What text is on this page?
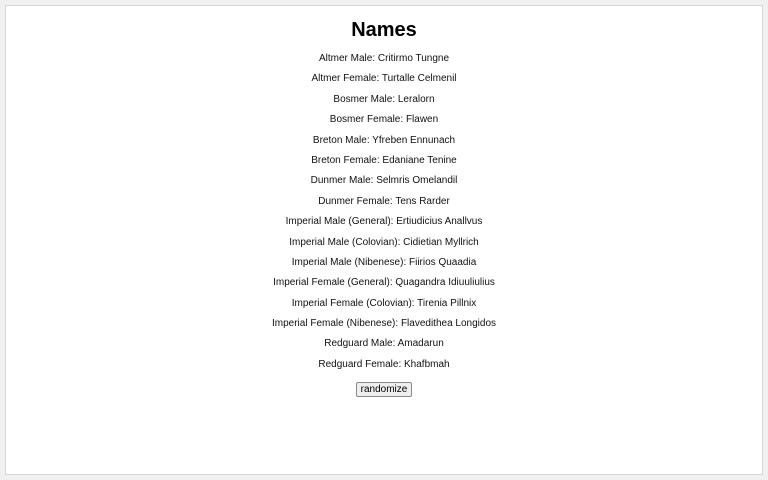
Names
Altmer Male: Critirmo Tungne
Altmer Female: Turtalle Celmenil
Bosmer Male: Leralorn
Bosmer Female: Flawen
Breton Male: Yfreben Ennunach
Breton Female: Edaniane Tenine
Dunmer Male: Selmris Omelandil
Dunmer Female: Tens Rarder
Imperial Male (General): Ertiudicius Anallvus
Imperial Male (Colovian): Cidietian Myllrich
Imperial Male (Nibenese): Fiirios Quaadia
Imperial Female (General): Quagandra Idiuuliulius
Imperial Female (Colovian): Tirenia Pillnix
Imperial Female (Nibenese): Flavedithea Longidos
Redguard Male: Amadarun
Redguard Female: Khafbmah
randomize
